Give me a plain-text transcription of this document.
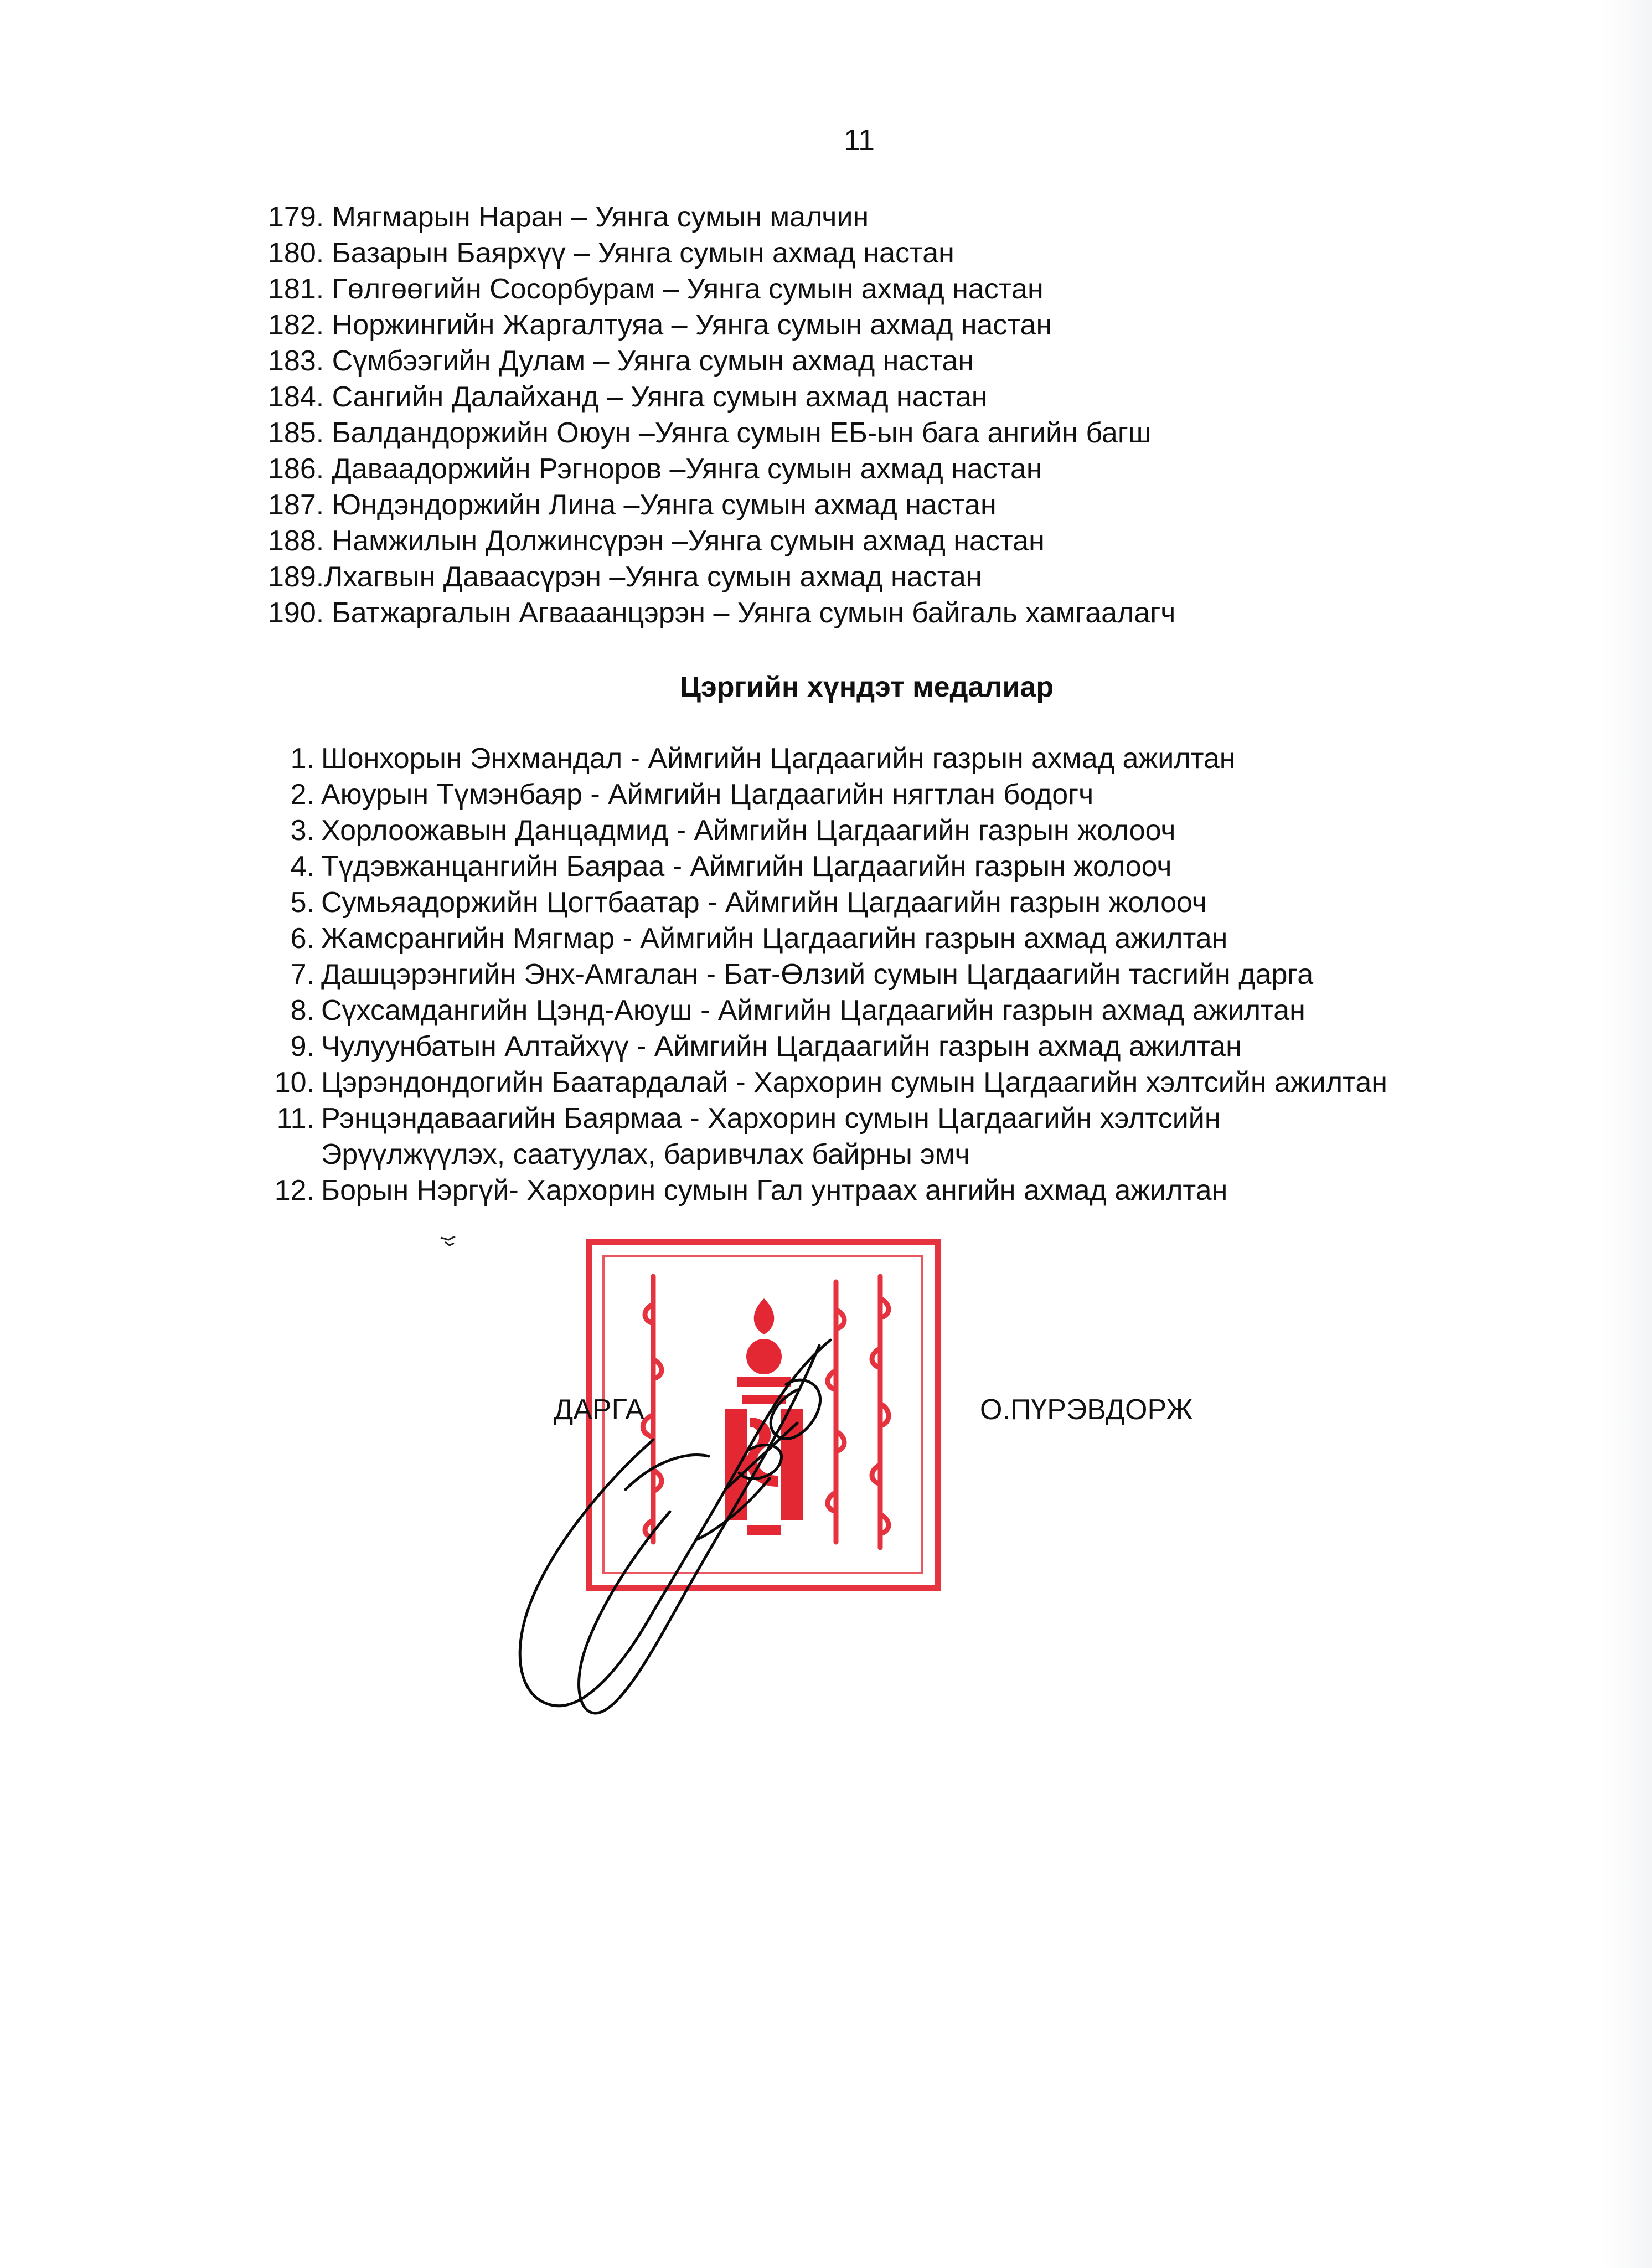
11
179. Мягмарын Наран – Уянга сумын малчин
180. Базарын Баярхүү – Уянга сумын ахмад настан
181. Гөлгөөгийн Сосорбурам – Уянга сумын ахмад настан
182. Норжингийн Жаргалтуяа – Уянга сумын ахмад настан
183. Сүмбээгийн Дулам – Уянга сумын ахмад настан
184. Сангийн Далайханд – Уянга сумын ахмад настан
185. Балдандоржийн Оюун –Уянга сумын ЕБ-ын бага ангийн багш
186. Даваадоржийн Рэгноров –Уянга сумын ахмад настан
187. Юндэндоржийн Лина –Уянга сумын ахмад настан
188. Намжилын Должинсүрэн –Уянга сумын ахмад настан
189.Лхагвын Даваасүрэн –Уянга сумын ахмад настан
190. Батжаргалын Агвааанцэрэн – Уянга сумын байгаль хамгаалагч
Цэргийн хүндэт медалиар
1. Шонхорын Энхмандал - Аймгийн Цагдаагийн газрын ахмад ажилтан
2. Аюурын Түмэнбаяр - Аймгийн Цагдаагийн нягтлан бодогч
3. Хорлоожавын Данцадмид - Аймгийн Цагдаагийн газрын жолооч
4. Түдэвжанцангийн Баяраа - Аймгийн Цагдаагийн газрын жолооч
5. Сумьяадоржийн Цогтбаатар - Аймгийн Цагдаагийн газрын жолооч
6. Жамсрангийн Мягмар - Аймгийн Цагдаагийн газрын ахмад ажилтан
7. Дашцэрэнгийн Энх-Амгалан - Бат-Өлзий сумын Цагдаагийн тасгийн дарга
8. Сүхсамдангийн Цэнд-Аюуш - Аймгийн Цагдаагийн газрын ахмад ажилтан
9. Чулуунбатын Алтайхүү - Аймгийн Цагдаагийн газрын ахмад ажилтан
10. Цэрэндондогийн Баатардалай - Хархорин сумын Цагдаагийн хэлтсийн ажилтан
11. Рэнцэндаваагийн Баярмаа - Хархорин сумын Цагдаагийн хэлтсийн
Эрүүлжүүлэх, саатуулах, баривчлах байрны эмч
12. Борын Нэргүй- Хархорин сумын Гал унтраах ангийн ахмад ажилтан
ДАРГА	О.ПҮРЭВДОРЖ
